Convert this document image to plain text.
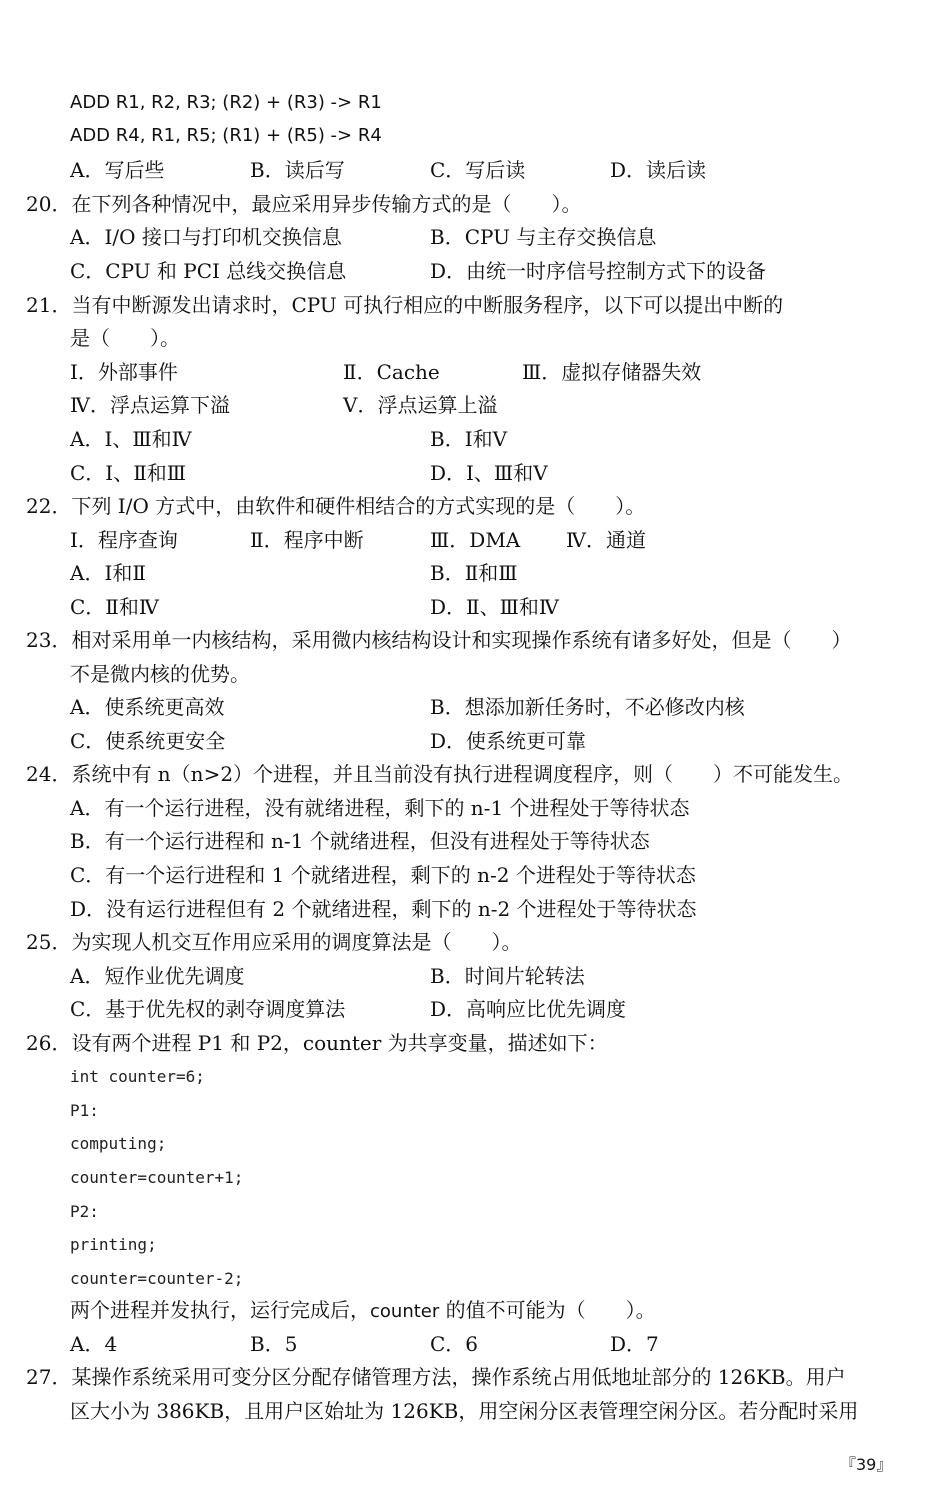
ADD R1, R2, R3; (R2) + (R3) -> R1
ADD R4, R1, R5; (R1) + (R5) -> R4
A．写后些	B．读后写	C．写后读	D．读后读
20．在下列各种情况中，最应采用异步传输方式的是（　　）。
A．I/O 接口与打印机交换信息	B．CPU 与主存交换信息
C．CPU 和 PCI 总线交换信息	D．由统一时序信号控制方式下的设备
21．当有中断源发出请求时，CPU 可执行相应的中断服务程序，以下可以提出中断的
是（　　）。
Ⅰ．外部事件	Ⅱ．Cache	Ⅲ．虚拟存储器失效
Ⅳ．浮点运算下溢	Ⅴ．浮点运算上溢
A．Ⅰ、Ⅲ和Ⅳ	B．Ⅰ和Ⅴ
C．Ⅰ、Ⅱ和Ⅲ	D．Ⅰ、Ⅲ和Ⅴ
22．下列 I/O 方式中，由软件和硬件相结合的方式实现的是（　　）。
Ⅰ．程序查询	Ⅱ．程序中断	Ⅲ．DMA Ⅳ．通道
A．Ⅰ和Ⅱ	B．Ⅱ和Ⅲ
C．Ⅱ和Ⅳ	D．Ⅱ、Ⅲ和Ⅳ
23．相对采用单一内核结构，采用微内核结构设计和实现操作系统有诸多好处，但是（　　）
不是微内核的优势。
A．使系统更高效	B．想添加新任务时，不必修改内核
C．使系统更安全	D．使系统更可靠
24．系统中有 n（n>2）个进程，并且当前没有执行进程调度程序，则（　　）不可能发生。
A．有一个运行进程，没有就绪进程，剩下的 n-1 个进程处于等待状态
B．有一个运行进程和 n-1 个就绪进程，但没有进程处于等待状态
C．有一个运行进程和 1 个就绪进程，剩下的 n-2 个进程处于等待状态
D．没有运行进程但有 2 个就绪进程，剩下的 n-2 个进程处于等待状态
25．为实现人机交互作用应采用的调度算法是（　　）。
A．短作业优先调度	B．时间片轮转法
C．基于优先权的剥夺调度算法	D．高响应比优先调度
26．设有两个进程 P1 和 P2，counter 为共享变量，描述如下：
int counter=6;
P1:
computing;
counter=counter+1;
P2:
printing;
counter=counter-2;
两个进程并发执行，运行完成后，counter 的值不可能为（　　）。
A．4	B．5	C．6	D．7
27．某操作系统采用可变分区分配存储管理方法，操作系统占用低地址部分的 126KB。用户
区大小为 386KB，且用户区始址为 126KB，用空闲分区表管理空闲分区。若分配时采用
『39』
